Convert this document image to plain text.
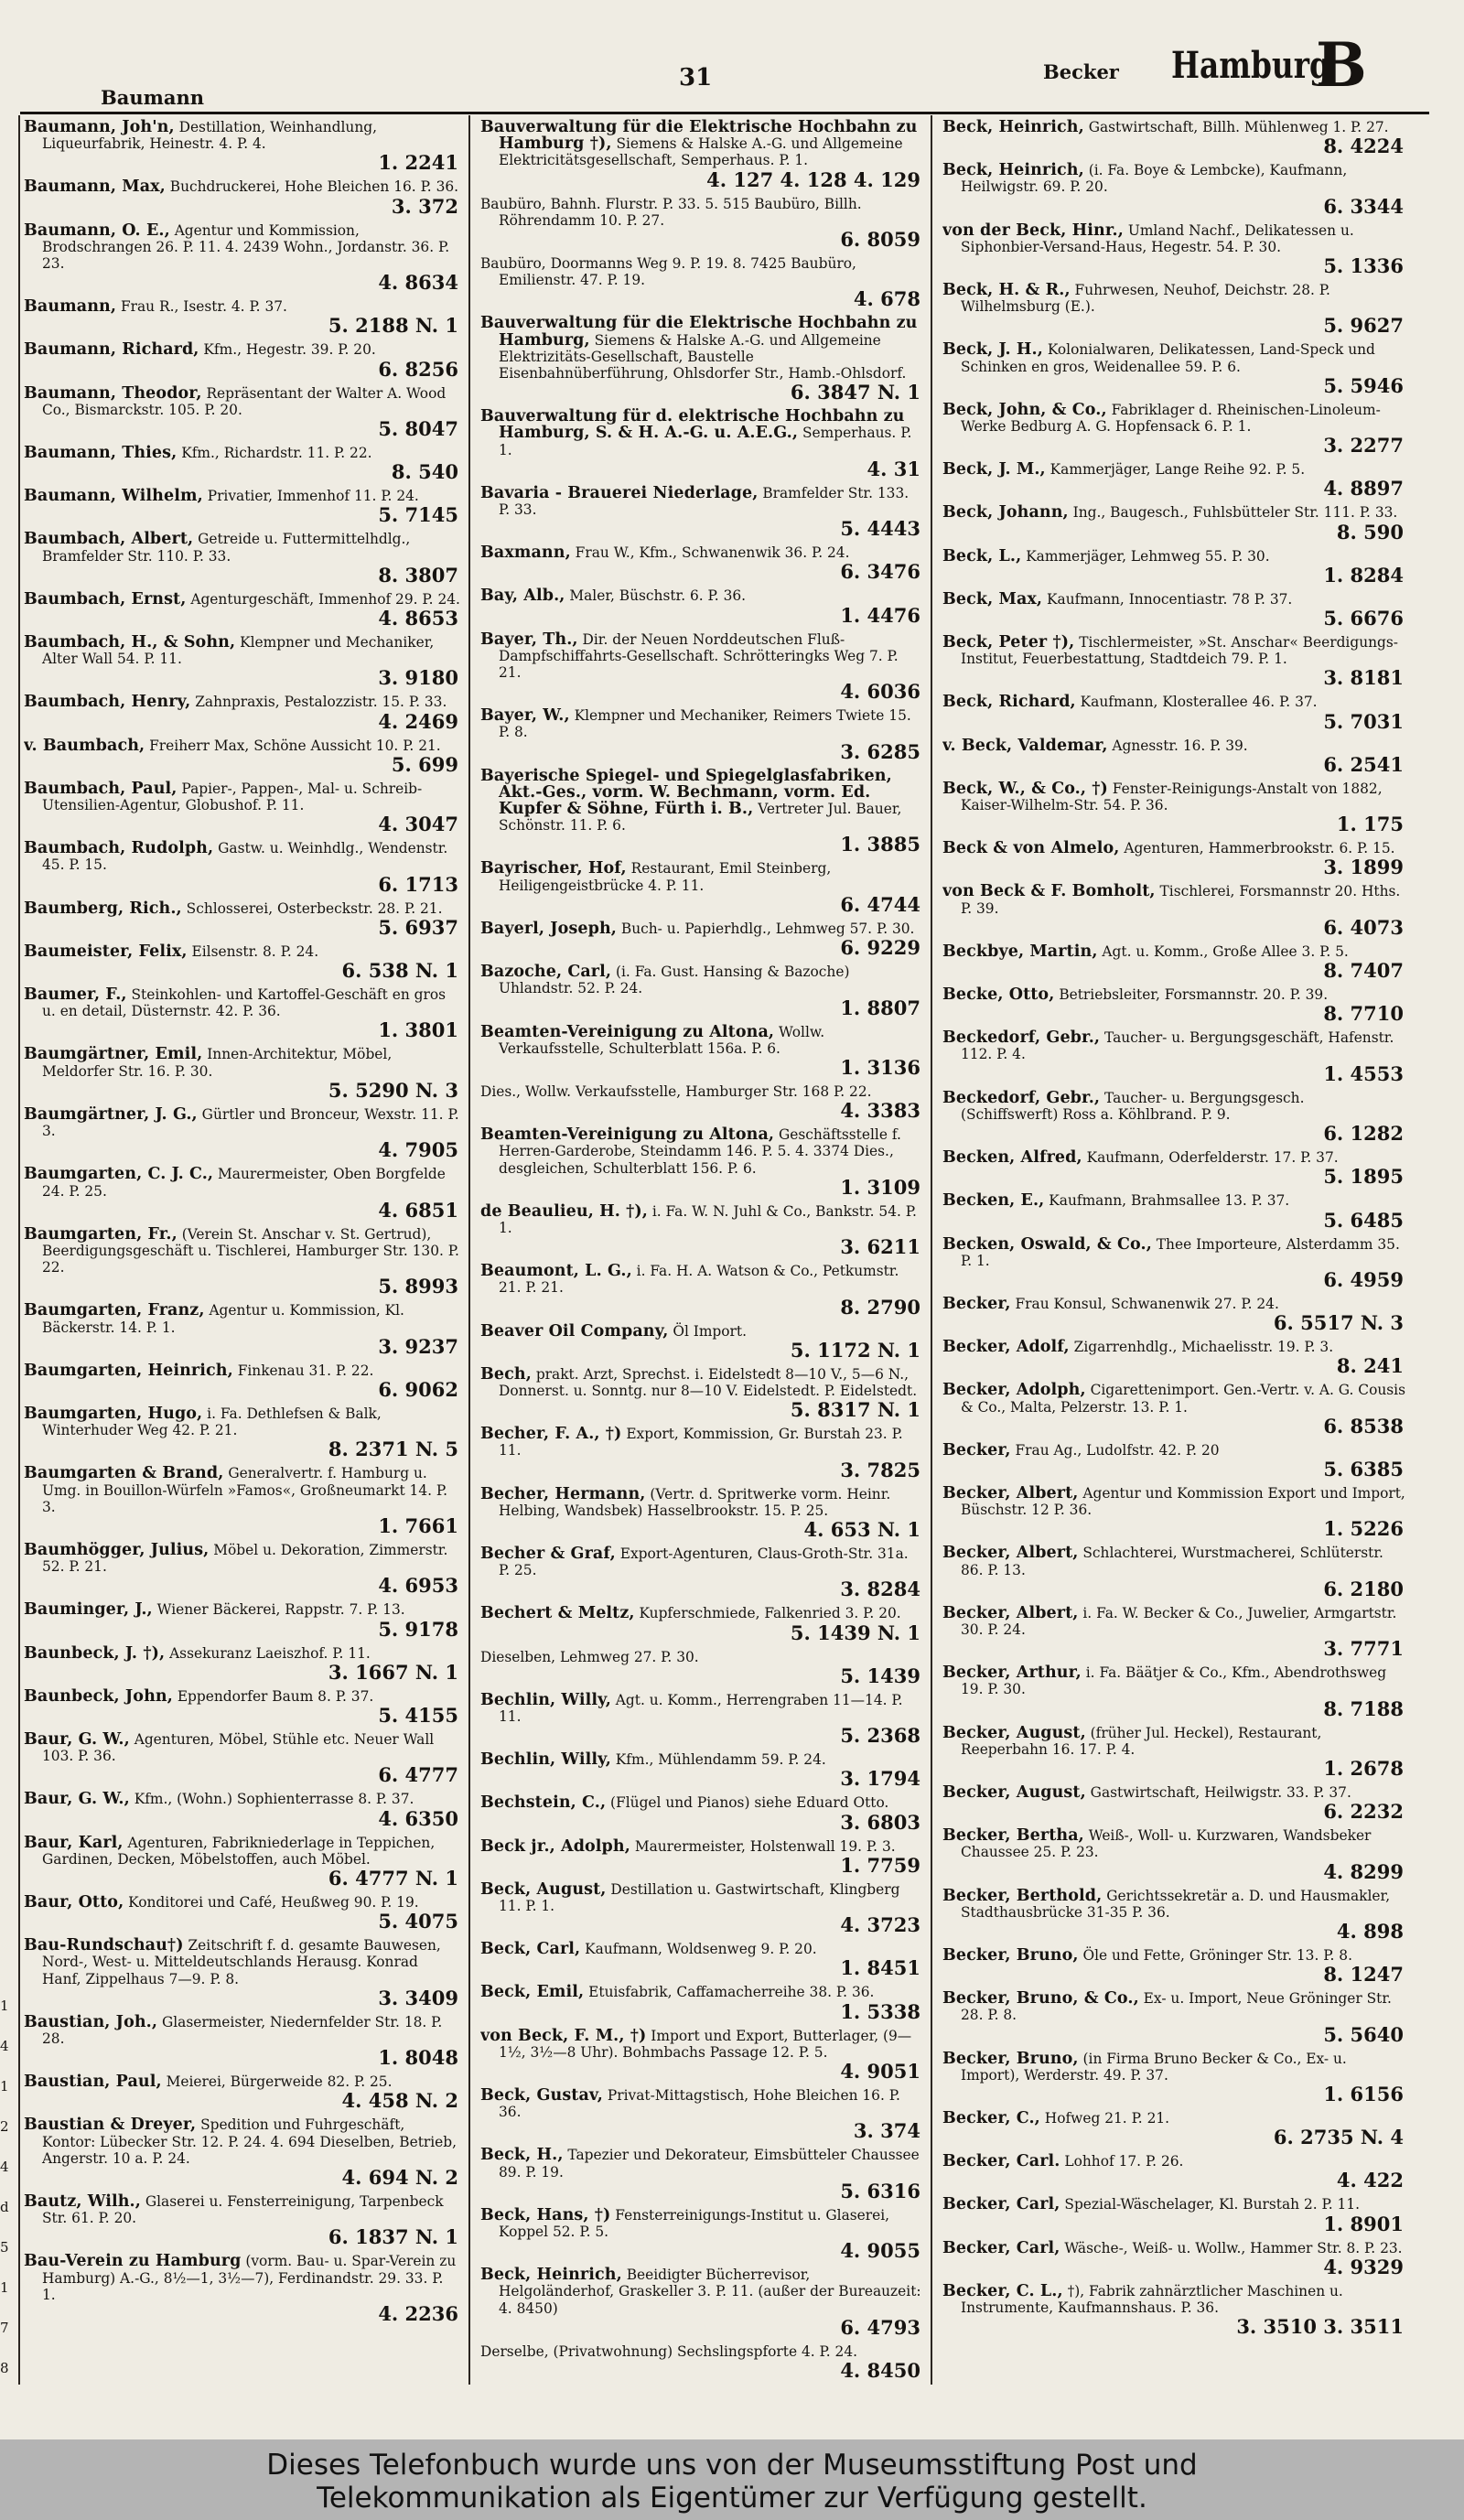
Baumann
31	Becker Hamburg
B
Baumann, Joh'n, Destillation, Weinhandlung, Liqueurfabrik, Heinestr. 4. P. 4.
1. 2241
Baumann, Max, Buchdruckerei, Hohe Bleichen 16. P. 36.
3. 372
Baumann, O. E., Agentur und Kommission, Brodschrangen 26. P. 11. 4. 2439 Wohn., Jordanstr. 36. P. 23.
4. 8634
Baumann, Frau R., Isestr. 4. P. 37.
5. 2188 N. 1
Baumann, Richard, Kfm., Hegestr. 39. P. 20.
6. 8256
Baumann, Theodor, Repräsentant der Walter A. Wood Co., Bismarckstr. 105. P. 20.
5. 8047
Baumann, Thies, Kfm., Richardstr. 11. P. 22.
8. 540
Baumann, Wilhelm, Privatier, Immenhof 11. P. 24.
5. 7145
Baumbach, Albert, Getreide u. Futtermittelhdlg., Bramfelder Str. 110. P. 33.
8. 3807
Baumbach, Ernst, Agenturgeschäft, Immenhof 29. P. 24.
4. 8653
Baumbach, H., & Sohn, Klempner und Mechaniker, Alter Wall 54. P. 11.
3. 9180
Baumbach, Henry, Zahnpraxis, Pestalozzistr. 15. P. 33.
4. 2469
v. Baumbach, Freiherr Max, Schöne Aussicht 10. P. 21.
5. 699
Baumbach, Paul, Papier-, Pappen-, Mal- u. Schreib-Utensilien-Agentur, Globushof. P. 11.
4. 3047
Baumbach, Rudolph, Gastw. u. Weinhdlg., Wendenstr. 45. P. 15.
6. 1713
Baumberg, Rich., Schlosserei, Osterbeckstr. 28. P. 21.
5. 6937
Baumeister, Felix, Eilsenstr. 8. P. 24.
6. 538 N. 1
Baumer, F., Steinkohlen- und Kartoffel-Geschäft en gros u. en detail, Düsternstr. 42. P. 36.
1. 3801
Baumgärtner, Emil, Innen-Architektur, Möbel, Meldorfer Str. 16. P. 30.
5. 5290 N. 3
Baumgärtner, J. G., Gürtler und Bronceur, Wexstr. 11. P. 3.
4. 7905
Baumgarten, C. J. C., Maurermeister, Oben Borgfelde 24. P. 25.
4. 6851
Baumgarten, Fr., (Verein St. Anschar v. St. Gertrud), Beerdigungsgeschäft u. Tischlerei, Hamburger Str. 130. P. 22.
5. 8993
Baumgarten, Franz, Agentur u. Kommission, Kl. Bäckerstr. 14. P. 1.
3. 9237
Baumgarten, Heinrich, Finkenau 31. P. 22.
6. 9062
Baumgarten, Hugo, i. Fa. Dethlefsen & Balk, Winterhuder Weg 42. P. 21.
8. 2371 N. 5
Baumgarten & Brand, Generalvertr. f. Hamburg u. Umg. in Bouillon-Würfeln »Famos«, Großneumarkt 14. P. 3.
1. 7661
Baumhögger, Julius, Möbel u. Dekoration, Zimmerstr. 52. P. 21.
4. 6953
Bauminger, J., Wiener Bäckerei, Rappstr. 7. P. 13.
5. 9178
Baunbeck, J. †), Assekuranz Laeiszhof. P. 11.
3. 1667 N. 1
Baunbeck, John, Eppendorfer Baum 8. P. 37.
5. 4155
Baur, G. W., Agenturen, Möbel, Stühle etc. Neuer Wall 103. P. 36.
6. 4777
Baur, G. W., Kfm., (Wohn.) Sophienterrasse 8. P. 37.
4. 6350
Baur, Karl, Agenturen, Fabrikniederlage in Teppichen, Gardinen, Decken, Möbelstoffen, auch Möbel.
6. 4777 N. 1
Baur, Otto, Konditorei und Café, Heußweg 90. P. 19.
5. 4075
Bau-Rundschau†) Zeitschrift f. d. gesamte Bauwesen, Nord-, West- u. Mitteldeutschlands Herausg. Konrad Hanf, Zippelhaus 7—9. P. 8.
3. 3409
Baustian, Joh., Glasermeister, Niedernfelder Str. 18. P. 28.
1. 8048
Baustian, Paul, Meierei, Bürgerweide 82. P. 25.
4. 458 N. 2
Baustian & Dreyer, Spedition und Fuhrgeschäft, Kontor: Lübecker Str. 12. P. 24. 4. 694 Dieselben, Betrieb, Angerstr. 10 a. P. 24.
4. 694 N. 2
Bautz, Wilh., Glaserei u. Fensterreinigung, Tarpenbeck Str. 61. P. 20.
6. 1837 N. 1
Bau-Verein zu Hamburg (vorm. Bau- u. Spar-Verein zu Hamburg) A.-G., 8½—1, 3½—7), Ferdinandstr. 29. 33. P. 1.
4. 2236
Bauverwaltung für die Elektrische Hochbahn zu Hamburg †), Siemens & Halske A.-G. und Allgemeine Elektricitätsgesellschaft, Semperhaus. P. 1.
4. 127 4. 128 4. 129
Baubüro, Bahnh. Flurstr. P. 33. 5. 515 Baubüro, Billh. Röhrendamm 10. P. 27.
6. 8059
Baubüro, Doormanns Weg 9. P. 19. 8. 7425 Baubüro, Emilienstr. 47. P. 19.
4. 678
Bauverwaltung für die Elektrische Hochbahn zu Hamburg, Siemens & Halske A.-G. und Allgemeine Elektrizitäts-Gesellschaft, Baustelle Eisenbahnüberführung, Ohlsdorfer Str., Hamb.-Ohlsdorf.
6. 3847 N. 1
Bauverwaltung für d. elektrische Hochbahn zu Hamburg, S. & H. A.-G. u. A.E.G., Semperhaus. P. 1.
4. 31
Bavaria - Brauerei Niederlage, Bramfelder Str. 133. P. 33.
5. 4443
Baxmann, Frau W., Kfm., Schwanenwik 36. P. 24.
6. 3476
Bay, Alb., Maler, Büschstr. 6. P. 36.
1. 4476
Bayer, Th., Dir. der Neuen Norddeutschen Fluß-Dampfschiffahrts-Gesellschaft. Schrötteringks Weg 7. P. 21.
4. 6036
Bayer, W., Klempner und Mechaniker, Reimers Twiete 15. P. 8.
3. 6285
Bayerische Spiegel- und Spiegelglasfabriken, Akt.-Ges., vorm. W. Bechmann, vorm. Ed. Kupfer & Söhne, Fürth i. B., Vertreter Jul. Bauer, Schönstr. 11. P. 6.
1. 3885
Bayrischer, Hof, Restaurant, Emil Steinberg, Heiligengeistbrücke 4. P. 11.
6. 4744
Bayerl, Joseph, Buch- u. Papierhdlg., Lehmweg 57. P. 30.
6. 9229
Bazoche, Carl, (i. Fa. Gust. Hansing & Bazoche) Uhlandstr. 52. P. 24.
1. 8807
Beamten-Vereinigung zu Altona, Wollw. Verkaufsstelle, Schulterblatt 156a. P. 6.
1. 3136
Dies., Wollw. Verkaufsstelle, Hamburger Str. 168 P. 22.
4. 3383
Beamten-Vereinigung zu Altona, Geschäftsstelle f. Herren-Garderobe, Steindamm 146. P. 5. 4. 3374 Dies., desgleichen, Schulterblatt 156. P. 6.
1. 3109
de Beaulieu, H. †), i. Fa. W. N. Juhl & Co., Bankstr. 54. P. 1.
3. 6211
Beaumont, L. G., i. Fa. H. A. Watson & Co., Petkumstr. 21. P. 21.
8. 2790
Beaver Oil Company, Öl Import.
5. 1172 N. 1
Bech, prakt. Arzt, Sprechst. i. Eidelstedt 8—10 V., 5—6 N., Donnerst. u. Sonntg. nur 8—10 V. Eidelstedt. P. Eidelstedt.
5. 8317 N. 1
Becher, F. A., †) Export, Kommission, Gr. Burstah 23. P. 11.
3. 7825
Becher, Hermann, (Vertr. d. Spritwerke vorm. Heinr. Helbing, Wandsbek) Hasselbrookstr. 15. P. 25.
4. 653 N. 1
Becher & Graf, Export-Agenturen, Claus-Groth-Str. 31a. P. 25.
3. 8284
Bechert & Meltz, Kupferschmiede, Falkenried 3. P. 20.
5. 1439 N. 1
Dieselben, Lehmweg 27. P. 30.
5. 1439
Bechlin, Willy, Agt. u. Komm., Herrengraben 11—14. P. 11.
5. 2368
Bechlin, Willy, Kfm., Mühlendamm 59. P. 24.
3. 1794
Bechstein, C., (Flügel und Pianos) siehe Eduard Otto.
3. 6803
Beck jr., Adolph, Maurermeister, Holstenwall 19. P. 3.
1. 7759
Beck, August, Destillation u. Gastwirtschaft, Klingberg 11. P. 1.
4. 3723
Beck, Carl, Kaufmann, Woldsenweg 9. P. 20.
1. 8451
Beck, Emil, Etuisfabrik, Caffamacherreihe 38. P. 36.
1. 5338
von Beck, F. M., †) Import und Export, Butterlager, (9—1½, 3½—8 Uhr). Bohmbachs Passage 12. P. 5.
4. 9051
Beck, Gustav, Privat-Mittagstisch, Hohe Bleichen 16. P. 36.
3. 374
Beck, H., Tapezier und Dekorateur, Eimsbütteler Chaussee 89. P. 19.
5. 6316
Beck, Hans, †) Fensterreinigungs-Institut u. Glaserei, Koppel 52. P. 5.
4. 9055
Beck, Heinrich, Beeidigter Bücherrevisor, Helgoländerhof, Graskeller 3. P. 11. (außer der Bureauzeit: 4. 8450)
6. 4793
Derselbe, (Privatwohnung) Sechslingspforte 4. P. 24.
4. 8450
Beck, Heinrich, Gastwirtschaft, Billh. Mühlenweg 1. P. 27.
8. 4224
Beck, Heinrich, (i. Fa. Boye & Lembcke), Kaufmann, Heilwigstr. 69. P. 20.
6. 3344
von der Beck, Hinr., Umland Nachf., Delikatessen u. Siphonbier-Versand-Haus, Hegestr. 54. P. 30.
5. 1336
Beck, H. & R., Fuhrwesen, Neuhof, Deichstr. 28. P. Wilhelmsburg (E.).
5. 9627
Beck, J. H., Kolonialwaren, Delikatessen, Land-Speck und Schinken en gros, Weidenallee 59. P. 6.
5. 5946
Beck, John, & Co., Fabriklager d. Rheinischen-Linoleum-Werke Bedburg A. G. Hopfensack 6. P. 1.
3. 2277
Beck, J. M., Kammerjäger, Lange Reihe 92. P. 5.
4. 8897
Beck, Johann, Ing., Baugesch., Fuhlsbütteler Str. 111. P. 33.
8. 590
Beck, L., Kammerjäger, Lehmweg 55. P. 30.
1. 8284
Beck, Max, Kaufmann, Innocentiastr. 78 P. 37.
5. 6676
Beck, Peter †), Tischlermeister, »St. Anschar« Beerdigungs-Institut, Feuerbestattung, Stadtdeich 79. P. 1.
3. 8181
Beck, Richard, Kaufmann, Klosterallee 46. P. 37.
5. 7031
v. Beck, Valdemar, Agnesstr. 16. P. 39.
6. 2541
Beck, W., & Co., †) Fenster-Reinigungs-Anstalt von 1882, Kaiser-Wilhelm-Str. 54. P. 36.
1. 175
Beck & von Almelo, Agenturen, Hammerbrookstr. 6. P. 15.
3. 1899
von Beck & F. Bomholt, Tischlerei, Forsmannstr 20. Hths. P. 39.
6. 4073
Beckbye, Martin, Agt. u. Komm., Große Allee 3. P. 5.
8. 7407
Becke, Otto, Betriebsleiter, Forsmannstr. 20. P. 39.
8. 7710
Beckedorf, Gebr., Taucher- u. Bergungsgeschäft, Hafenstr. 112. P. 4.
1. 4553
Beckedorf, Gebr., Taucher- u. Bergungsgesch. (Schiffswerft) Ross a. Köhlbrand. P. 9.
6. 1282
Becken, Alfred, Kaufmann, Oderfelderstr. 17. P. 37.
5. 1895
Becken, E., Kaufmann, Brahmsallee 13. P. 37.
5. 6485
Becken, Oswald, & Co., Thee Importeure, Alsterdamm 35. P. 1.
6. 4959
Becker, Frau Konsul, Schwanenwik 27. P. 24.
6. 5517 N. 3
Becker, Adolf, Zigarrenhdlg., Michaelisstr. 19. P. 3.
8. 241
Becker, Adolph, Cigarettenimport. Gen.-Vertr. v. A. G. Cousis & Co., Malta, Pelzerstr. 13. P. 1.
6. 8538
Becker, Frau Ag., Ludolfstr. 42. P. 20
5. 6385
Becker, Albert, Agentur und Kommission Export und Import, Büschstr. 12 P. 36.
1. 5226
Becker, Albert, Schlachterei, Wurstmacherei, Schlüterstr. 86. P. 13.
6. 2180
Becker, Albert, i. Fa. W. Becker & Co., Juwelier, Armgartstr. 30. P. 24.
3. 7771
Becker, Arthur, i. Fa. Bäätjer & Co., Kfm., Abendrothsweg 19. P. 30.
8. 7188
Becker, August, (früher Jul. Heckel), Restaurant, Reeperbahn 16. 17. P. 4.
1. 2678
Becker, August, Gastwirtschaft, Heilwigstr. 33. P. 37.
6. 2232
Becker, Bertha, Weiß-, Woll- u. Kurzwaren, Wandsbeker Chaussee 25. P. 23.
4. 8299
Becker, Berthold, Gerichtssekretär a. D. und Hausmakler, Stadthausbrücke 31-35 P. 36.
4. 898
Becker, Bruno, Öle und Fette, Gröninger Str. 13. P. 8.
8. 1247
Becker, Bruno, & Co., Ex- u. Import, Neue Gröninger Str. 28. P. 8.
5. 5640
Becker, Bruno, (in Firma Bruno Becker & Co., Ex- u. Import), Werderstr. 49. P. 37.
1. 6156
Becker, C., Hofweg 21. P. 21.
6. 2735 N. 4
Becker, Carl. Lohhof 17. P. 26.
4. 422
Becker, Carl, Spezial-Wäschelager, Kl. Burstah 2. P. 11.
1. 8901
Becker, Carl, Wäsche-, Weiß- u. Wollw., Hammer Str. 8. P. 23.
4. 9329
Becker, C. L., †), Fabrik zahnärztlicher Maschinen u. Instrumente, Kaufmannshaus. P. 36.
3. 3510 3. 3511
1
4
1
2
4
d
5
1
7
8
Dieses Telefonbuch wurde uns von der Museumsstiftung Post und
Telekommunikation als Eigentümer zur Verfügung gestellt.
